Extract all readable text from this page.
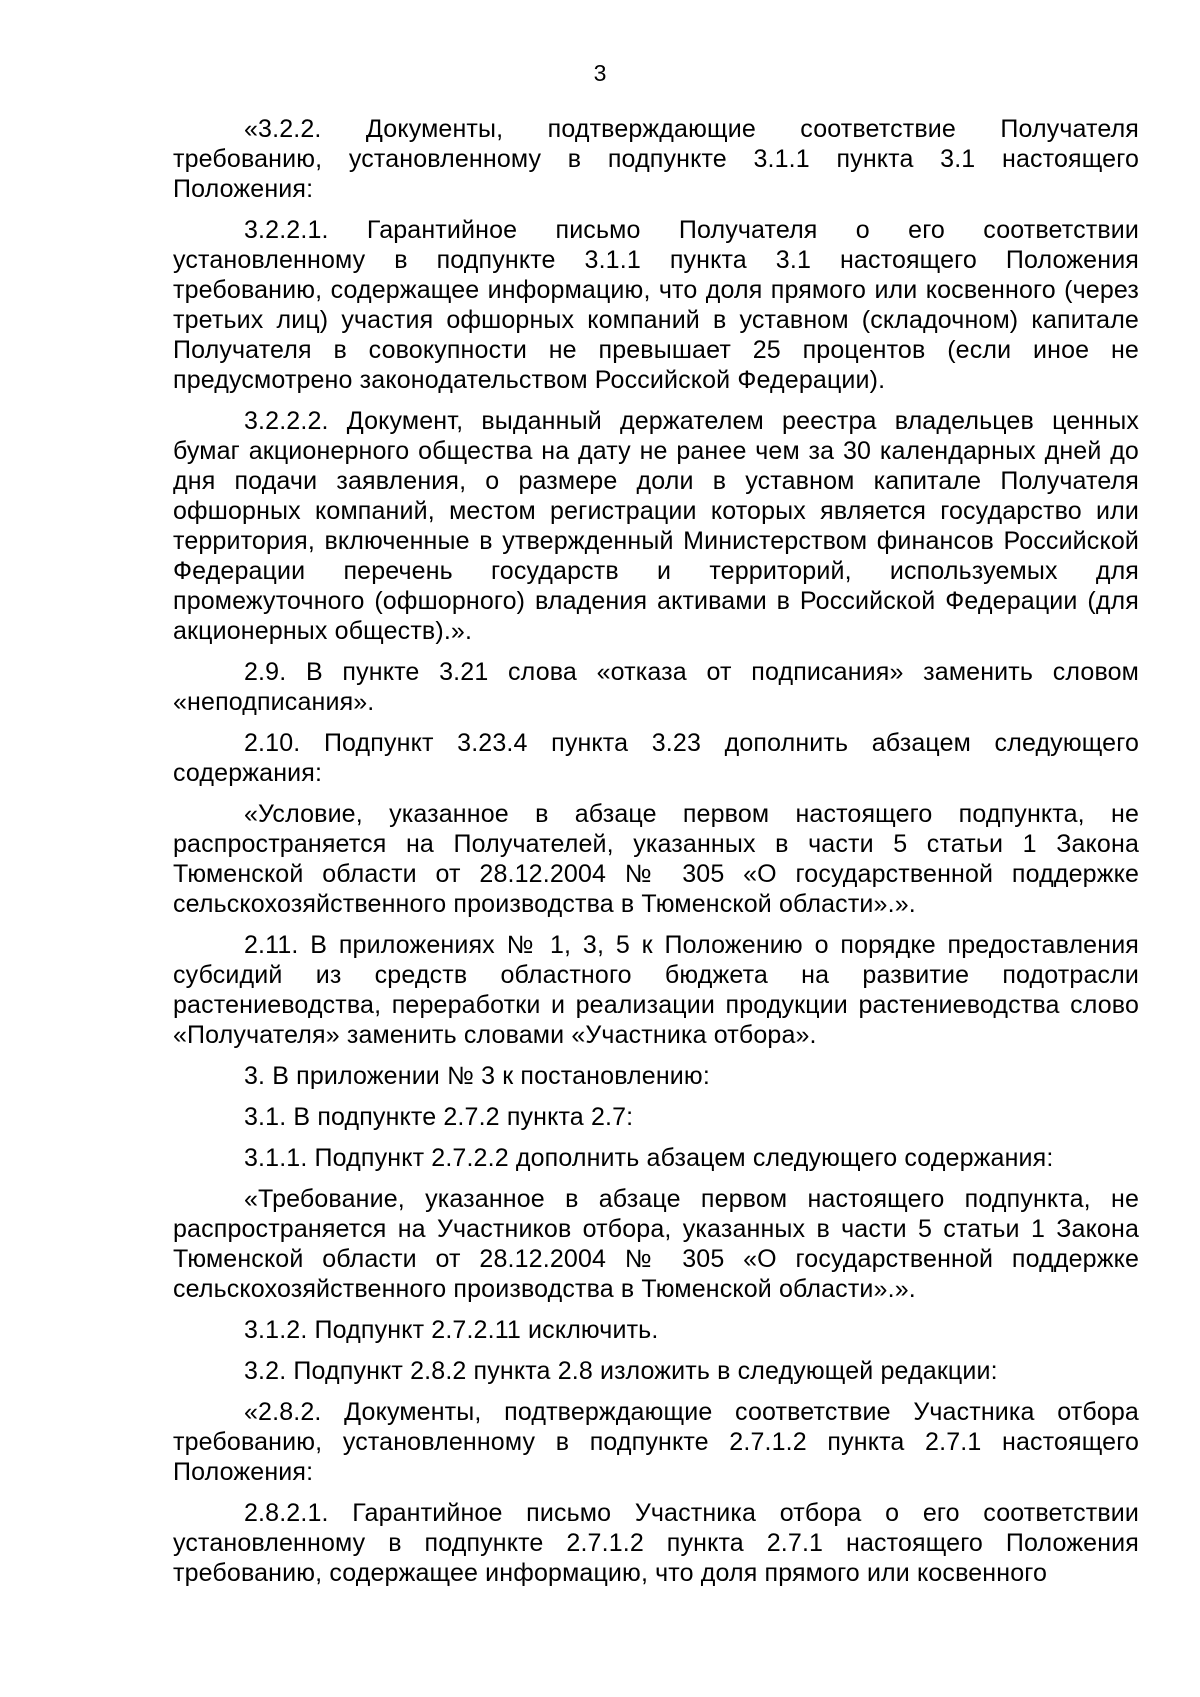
3

«3.2.2. Документы, подтверждающие соответствие Получателя требованию, установленному в подпункте 3.1.1 пункта 3.1 настоящего Положения:

3.2.2.1. Гарантийное письмо Получателя о его соответствии установленному в подпункте 3.1.1 пункта 3.1 настоящего Положения требованию, содержащее информацию, что доля прямого или косвенного (через третьих лиц) участия офшорных компаний в уставном (складочном) капитале Получателя в совокупности не превышает 25 процентов (если иное не предусмотрено законодательством Российской Федерации).

3.2.2.2. Документ, выданный держателем реестра владельцев ценных бумаг акционерного общества на дату не ранее чем за 30 календарных дней до дня подачи заявления, о размере доли в уставном капитале Получателя офшорных компаний, местом регистрации которых является государство или территория, включенные в утвержденный Министерством финансов Российской Федерации перечень государств и территорий, используемых для промежуточного (офшорного) владения активами в Российской Федерации (для акционерных обществ).».

2.9. В пункте 3.21 слова «отказа от подписания» заменить словом «неподписания».

2.10. Подпункт 3.23.4 пункта 3.23 дополнить абзацем следующего содержания:

«Условие, указанное в абзаце первом настоящего подпункта, не распространяется на Получателей, указанных в части 5 статьи 1 Закона Тюменской области от 28.12.2004 № 305 «О государственной поддержке сельскохозяйственного производства в Тюменской области».».

2.11. В приложениях № 1, 3, 5 к Положению о порядке предоставления субсидий из средств областного бюджета на развитие подотрасли растениеводства, переработки и реализации продукции растениеводства слово «Получателя» заменить словами «Участника отбора».

3. В приложении № 3 к постановлению:

3.1. В подпункте 2.7.2 пункта 2.7:

3.1.1. Подпункт 2.7.2.2 дополнить абзацем следующего содержания:

«Требование, указанное в абзаце первом настоящего подпункта, не распространяется на Участников отбора, указанных в части 5 статьи 1 Закона Тюменской области от 28.12.2004 № 305 «О государственной поддержке сельскохозяйственного производства в Тюменской области».».

3.1.2. Подпункт 2.7.2.11 исключить.

3.2. Подпункт 2.8.2 пункта 2.8 изложить в следующей редакции:

«2.8.2. Документы, подтверждающие соответствие Участника отбора требованию, установленному в подпункте 2.7.1.2 пункта 2.7.1 настоящего Положения:

2.8.2.1. Гарантийное письмо Участника отбора о его соответствии установленному в подпункте 2.7.1.2 пункта 2.7.1 настоящего Положения требованию, содержащее информацию, что доля прямого или косвенного
